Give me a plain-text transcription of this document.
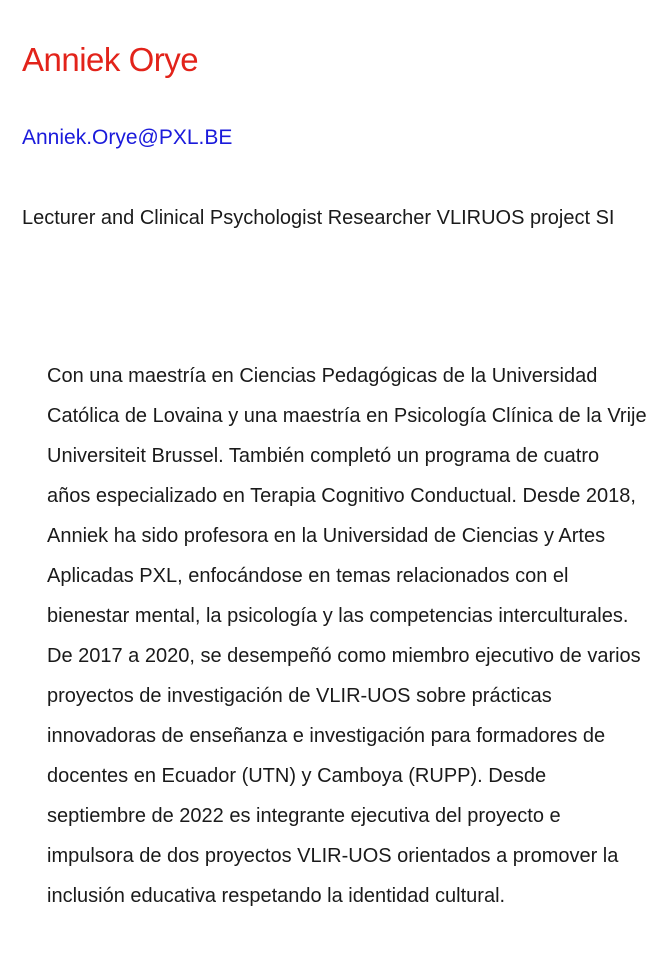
Anniek Orye
Anniek.Orye@PXL.BE

Lecturer and Clinical Psychologist Researcher VLIRUOS project SI

Con una maestría en Ciencias Pedagógicas de la Universidad Católica de Lovaina y una maestría en Psicología Clínica de la Vrije Universiteit Brussel. También completó un programa de cuatro años especializado en Terapia Cognitivo Conductual. Desde 2018, Anniek ha sido profesora en la Universidad de Ciencias y Artes Aplicadas PXL, enfocándose en temas relacionados con el bienestar mental, la psicología y las competencias interculturales. De 2017 a 2020, se desempeñó como miembro ejecutivo de varios proyectos de investigación de VLIR-UOS sobre prácticas innovadoras de enseñanza e investigación para formadores de docentes en Ecuador (UTN) y Camboya (RUPP). Desde septiembre de 2022 es integrante ejecutiva del proyecto e impulsora de dos proyectos VLIR-UOS orientados a promover la inclusión educativa respetando la identidad cultural.
